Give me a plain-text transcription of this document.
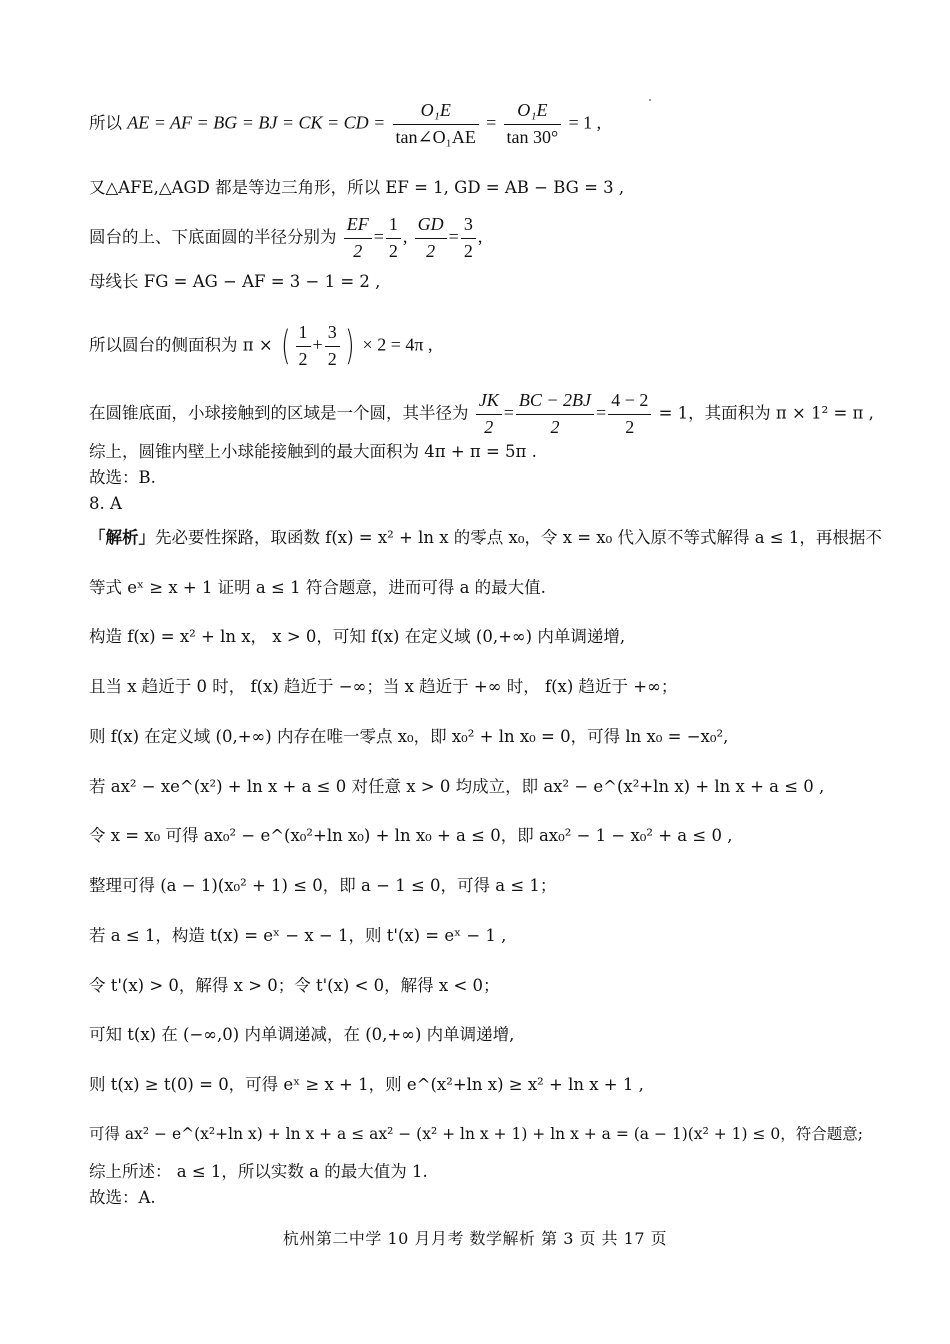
所以 AE = AF = BG = BJ = CK = CD = $\frac{\text{O₁E}}{\text{tan∠O₁AE}} = \frac{\text{O₁E}}{\tan 30^\circ} = 1$ ,
又△AFE,△AGD 都是等边三角形，所以 EF = 1, GD = AB − BG = 3 ,
圆台的上、下底面圆的半径分别为 $\frac{EF}{2} = \frac{1}{2}$ , $\frac{GD}{2} = \frac{3}{2}$ ,
母线长 FG = AG − AF = 3 − 1 = 2 ,
所以圆台的侧面积为 π × ( $\frac{1}{2} + \frac{3}{2}$ ) × 2 = 4π ,
在圆锥底面，小球接触到的区域是一个圆，其半径为 $\frac{JK}{2} = \frac{BC - 2BJ}{2} = \frac{4 - 2}{2} = 1$，其面积为 π × 1² = π ,
综上，圆锥内壁上小球能接触到的最大面积为 4π + π = 5π .
故选：B.
8. A
「解析」先必要性探路，取函数 f(x) = x² + ln x 的零点 x₀，令 x = x₀ 代入原不等式解得 a ≤ 1，再根据不
等式 eˣ ≥ x + 1 证明 a ≤ 1 符合题意，进而可得 a 的最大值.
构造 f(x) = x² + ln x， x > 0，可知 f(x) 在定义域 (0,+∞) 内单调递增,
且当 x 趋近于 0 时， f(x) 趋近于 −∞；当 x 趋近于 +∞ 时， f(x) 趋近于 +∞；
则 f(x) 在定义域 (0,+∞) 内存在唯一零点 x₀，即 x₀² + ln x₀ = 0，可得 ln x₀ = −x₀²,
若 ax² − xe^(x²) + ln x + a ≤ 0 对任意 x > 0 均成立，即 ax² − e^(x²+ln x) + ln x + a ≤ 0 ,
令 x = x₀ 可得 ax₀² − e^(x₀²+ln x₀) + ln x₀ + a ≤ 0，即 ax₀² − 1 − x₀² + a ≤ 0 ,
整理可得 (a − 1)(x₀² + 1) ≤ 0，即 a − 1 ≤ 0，可得 a ≤ 1；
若 a ≤ 1，构造 t(x) = eˣ − x − 1，则 t'(x) = eˣ − 1 ,
令 t'(x) > 0，解得 x > 0；令 t'(x) < 0，解得 x < 0；
可知 t(x) 在 (−∞,0) 内单调递减，在 (0,+∞) 内单调递增,
则 t(x) ≥ t(0) = 0，可得 eˣ ≥ x + 1，则 e^(x²+ln x) ≥ x² + ln x + 1 ,
可得 ax² − e^(x²+ln x) + ln x + a ≤ ax² − (x² + ln x + 1) + ln x + a = (a − 1)(x² + 1) ≤ 0，符合题意;
综上所述： a ≤ 1，所以实数 a 的最大值为 1.
故选：A.
杭州第二中学 10 月月考 数学解析 第 3 页 共 17 页
